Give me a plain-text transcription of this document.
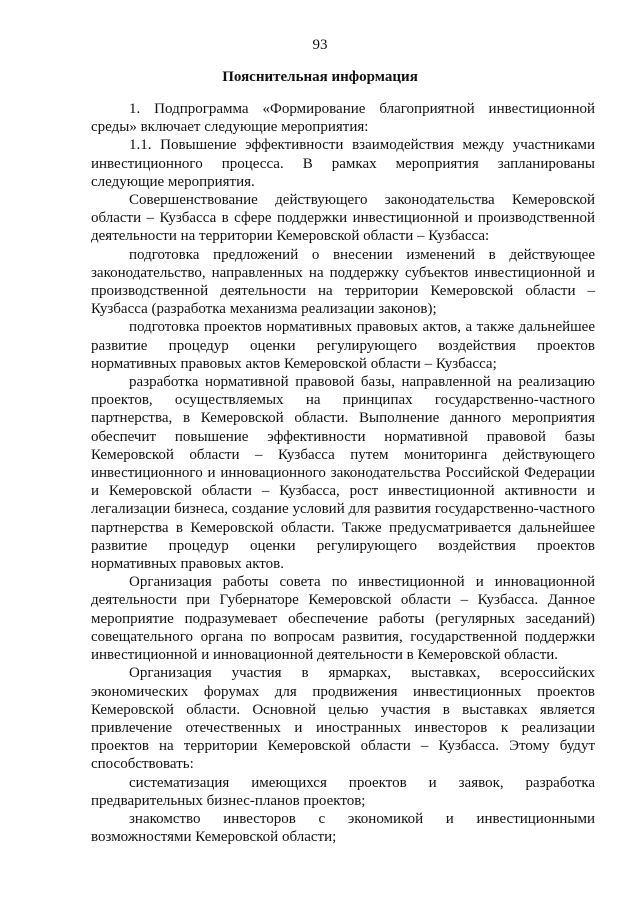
93
Пояснительная информация

1. Подпрограмма «Формирование благоприятной инвестиционной среды» включает следующие мероприятия:

1.1. Повышение эффективности взаимодействия между участниками инвестиционного процесса. В рамках мероприятия запланированы следующие мероприятия.

Совершенствование действующего законодательства Кемеровской области – Кузбасса в сфере поддержки инвестиционной и производственной деятельности на территории Кемеровской области – Кузбасса:

подготовка предложений о внесении изменений в действующее законодательство, направленных на поддержку субъектов инвестиционной и производственной деятельности на территории Кемеровской области – Кузбасса (разработка механизма реализации законов);

подготовка проектов нормативных правовых актов, а также дальнейшее развитие процедур оценки регулирующего воздействия проектов нормативных правовых актов Кемеровской области – Кузбасса;

разработка нормативной правовой базы, направленной на реализацию проектов, осуществляемых на принципах государственно-частного партнерства, в Кемеровской области. Выполнение данного мероприятия обеспечит повышение эффективности нормативной правовой базы Кемеровской области – Кузбасса путем мониторинга действующего инвестиционного и инновационного законодательства Российской Федерации и Кемеровской области – Кузбасса, рост инвестиционной активности и легализации бизнеса, создание условий для развития государственно-частного партнерства в Кемеровской области. Также предусматривается дальнейшее развитие процедур оценки регулирующего воздействия проектов нормативных правовых актов.

Организация работы совета по инвестиционной и инновационной деятельности при Губернаторе Кемеровской области – Кузбасса. Данное мероприятие подразумевает обеспечение работы (регулярных заседаний) совещательного органа по вопросам развития, государственной поддержки инвестиционной и инновационной деятельности в Кемеровской области.

Организация участия в ярмарках, выставках, всероссийских экономических форумах для продвижения инвестиционных проектов Кемеровской области. Основной целью участия в выставках является привлечение отечественных и иностранных инвесторов к реализации проектов на территории Кемеровской области – Кузбасса. Этому будут способствовать:

систематизация имеющихся проектов и заявок, разработка предварительных бизнес-планов проектов;

знакомство инвесторов с экономикой и инвестиционными возможностями Кемеровской области;
